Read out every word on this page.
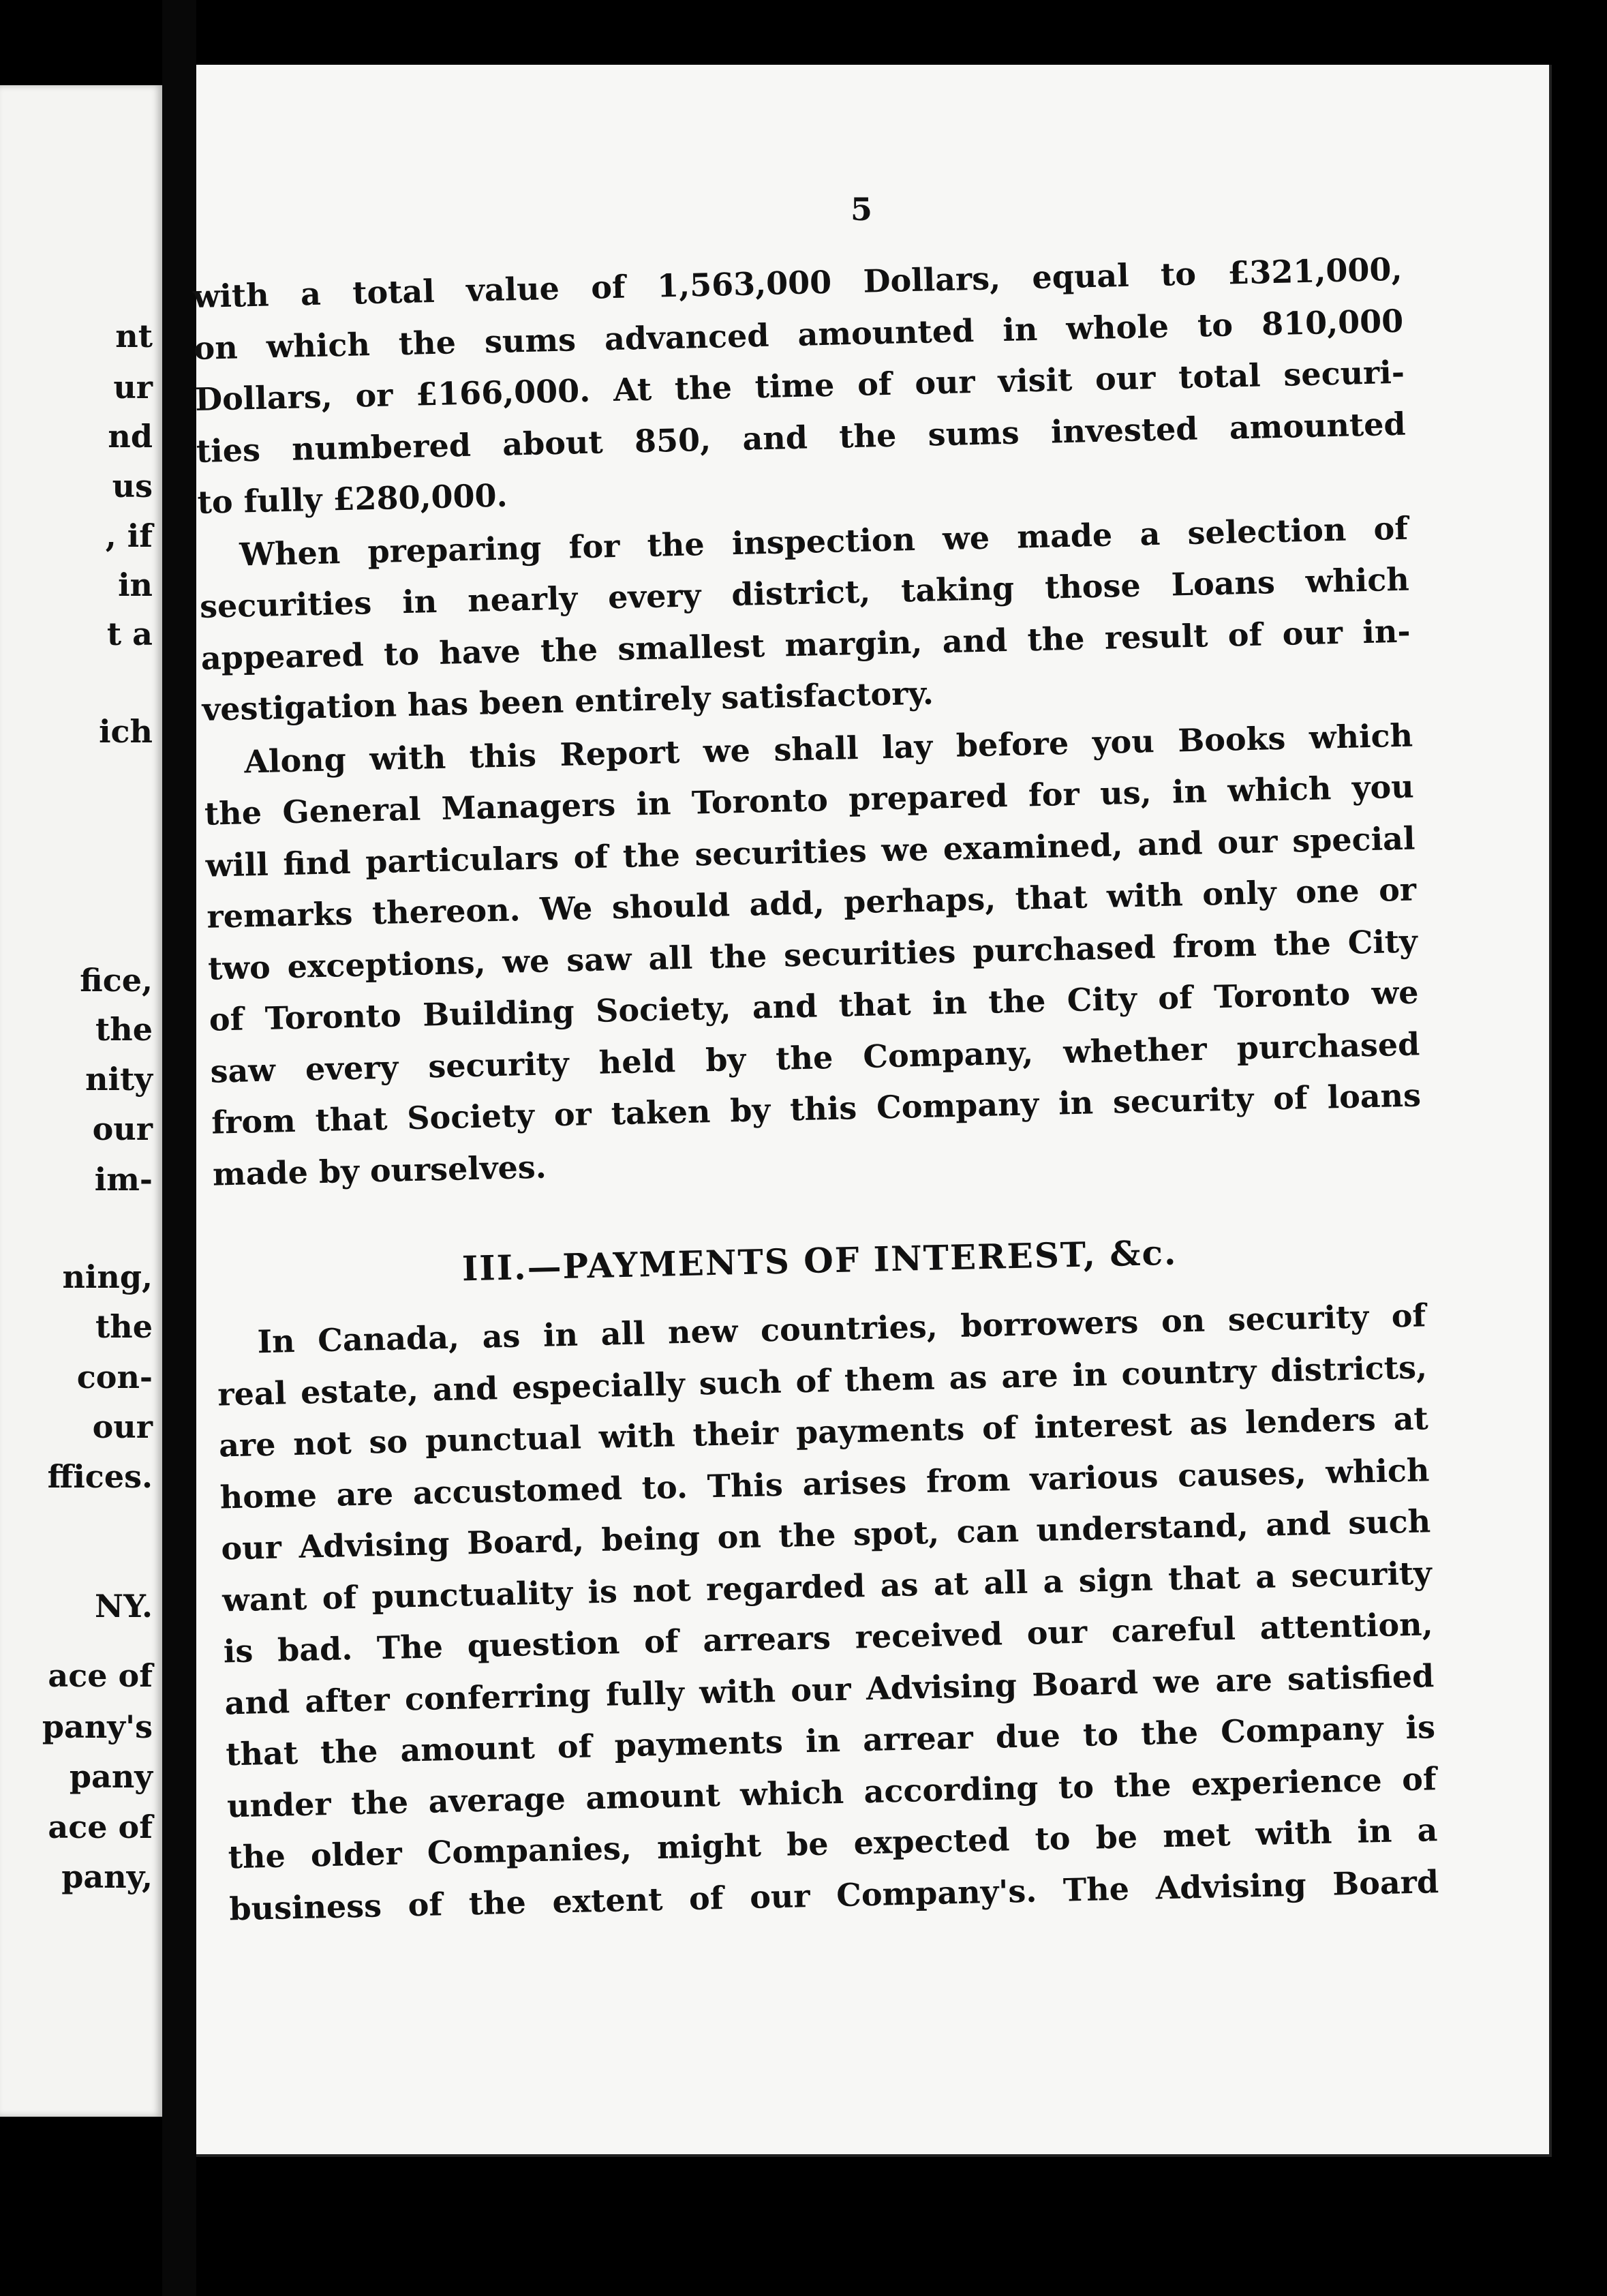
nt
ur
nd
us
, if
in
t a
ich
fice,
the
nity
our
im-
ning,
the
con-
our
ffices.
NY.
ace of
pany's
pany
ace of
pany,
5
with a total value of 1,563,000 Dollars, equal to £321,000,
on which the sums advanced amounted in whole to 810,000
Dollars, or £166,000. At the time of our visit our total securi-
ties numbered about 850, and the sums invested amounted
to fully £280,000.
When preparing for the inspection we made a selection of
securities in nearly every district, taking those Loans which
appeared to have the smallest margin, and the result of our in-
vestigation has been entirely satisfactory.
Along with this Report we shall lay before you Books which
the General Managers in Toronto prepared for us, in which you
will find particulars of the securities we examined, and our special
remarks thereon. We should add, perhaps, that with only one or
two exceptions, we saw all the securities purchased from the City
of Toronto Building Society, and that in the City of Toronto we
saw every security held by the Company, whether purchased
from that Society or taken by this Company in security of loans
made by ourselves.
III.—PAYMENTS OF INTEREST, &c.
In Canada, as in all new countries, borrowers on security of
real estate, and especially such of them as are in country districts,
are not so punctual with their payments of interest as lenders at
home are accustomed to. This arises from various causes, which
our Advising Board, being on the spot, can understand, and such
want of punctuality is not regarded as at all a sign that a security
is bad. The question of arrears received our careful attention,
and after conferring fully with our Advising Board we are satisfied
that the amount of payments in arrear due to the Company is
under the average amount which according to the experience of
the older Companies, might be expected to be met with in a
business of the extent of our Company's. The Advising Board
